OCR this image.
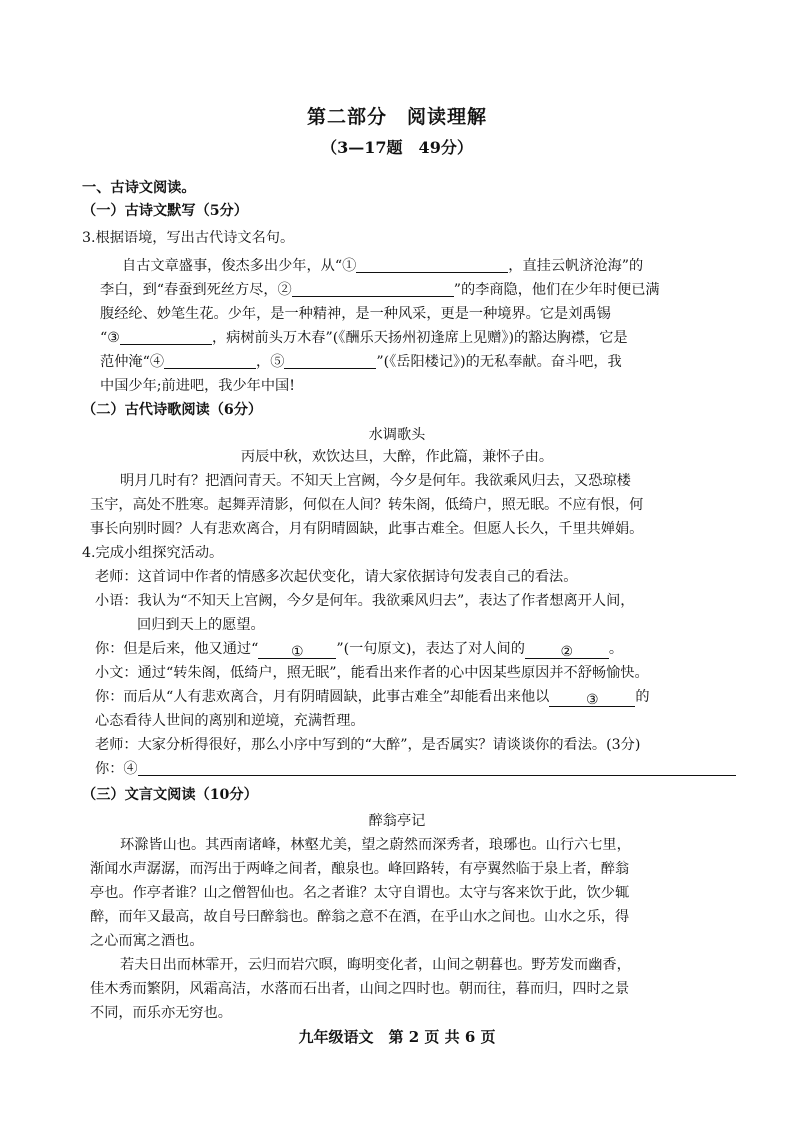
第二部分　阅读理解
（3—17题　49分）
一、古诗文阅读。
（一）古诗文默写（5分）
3.根据语境，写出古代诗文名句。
自古文章盛事，俊杰多出少年，从“①	，直挂云帆济沧海”的
李白，到“春蚕到死丝方尽，②	”的李商隐，他们在少年时便已满
腹经纶、妙笔生花。少年，是一种精神，是一种风采，更是一种境界。它是刘禹锡
“③	，病树前头万木春”(《酬乐天扬州初逢席上见赠》)的豁达胸襟，它是
范仲淹“④	，⑤	”(《岳阳楼记》)的无私奉献。奋斗吧，我
中国少年;前进吧，我少年中国!
（二）古代诗歌阅读（6分）
水调歌头
丙辰中秋，欢饮达旦，大醉，作此篇，兼怀子由。
明月几时有？把酒问青天。不知天上宫阙，今夕是何年。我欲乘风归去，又恐琼楼
玉宇，高处不胜寒。起舞弄清影，何似在人间？转朱阁，低绮户，照无眠。不应有恨，何
事长向别时圆？人有悲欢离合，月有阴晴圆缺，此事古难全。但愿人长久，千里共婵娟。
4.完成小组探究活动。
老师：这首词中作者的情感多次起伏变化，请大家依据诗句发表自己的看法。
小语：我认为“不知天上宫阙，今夕是何年。我欲乘风归去”，表达了作者想离开人间，
回归到天上的愿望。
你：但是后来，他又通过“ ① ”(一句原文)，表达了对人间的	②	。
小文：通过“转朱阁，低绮户，照无眠”，能看出来作者的心中因某些原因并不舒畅愉快。
你：而后从“人有悲欢离合，月有阴晴圆缺，此事古难全”却能看出来他以	③	的
心态看待人世间的离别和逆境，充满哲理。
老师：大家分析得很好，那么小序中写到的“大醉”，是否属实？请谈谈你的看法。(3分)
你：④
（三）文言文阅读（10分）
醉翁亭记
环滁皆山也。其西南诸峰，林壑尤美，望之蔚然而深秀者，琅琊也。山行六七里，
渐闻水声潺潺，而泻出于两峰之间者，酿泉也。峰回路转，有亭翼然临于泉上者，醉翁
亭也。作亭者谁？山之僧智仙也。名之者谁？太守自谓也。太守与客来饮于此，饮少辄
醉，而年又最高，故自号曰醉翁也。醉翁之意不在酒，在乎山水之间也。山水之乐，得
之心而寓之酒也。
若夫日出而林霏开，云归而岩穴暝，晦明变化者，山间之朝暮也。野芳发而幽香，
佳木秀而繁阴，风霜高洁，水落而石出者，山间之四时也。朝而往，暮而归，四时之景
不同，而乐亦无穷也。
九年级语文　第 2 页 共 6 页
